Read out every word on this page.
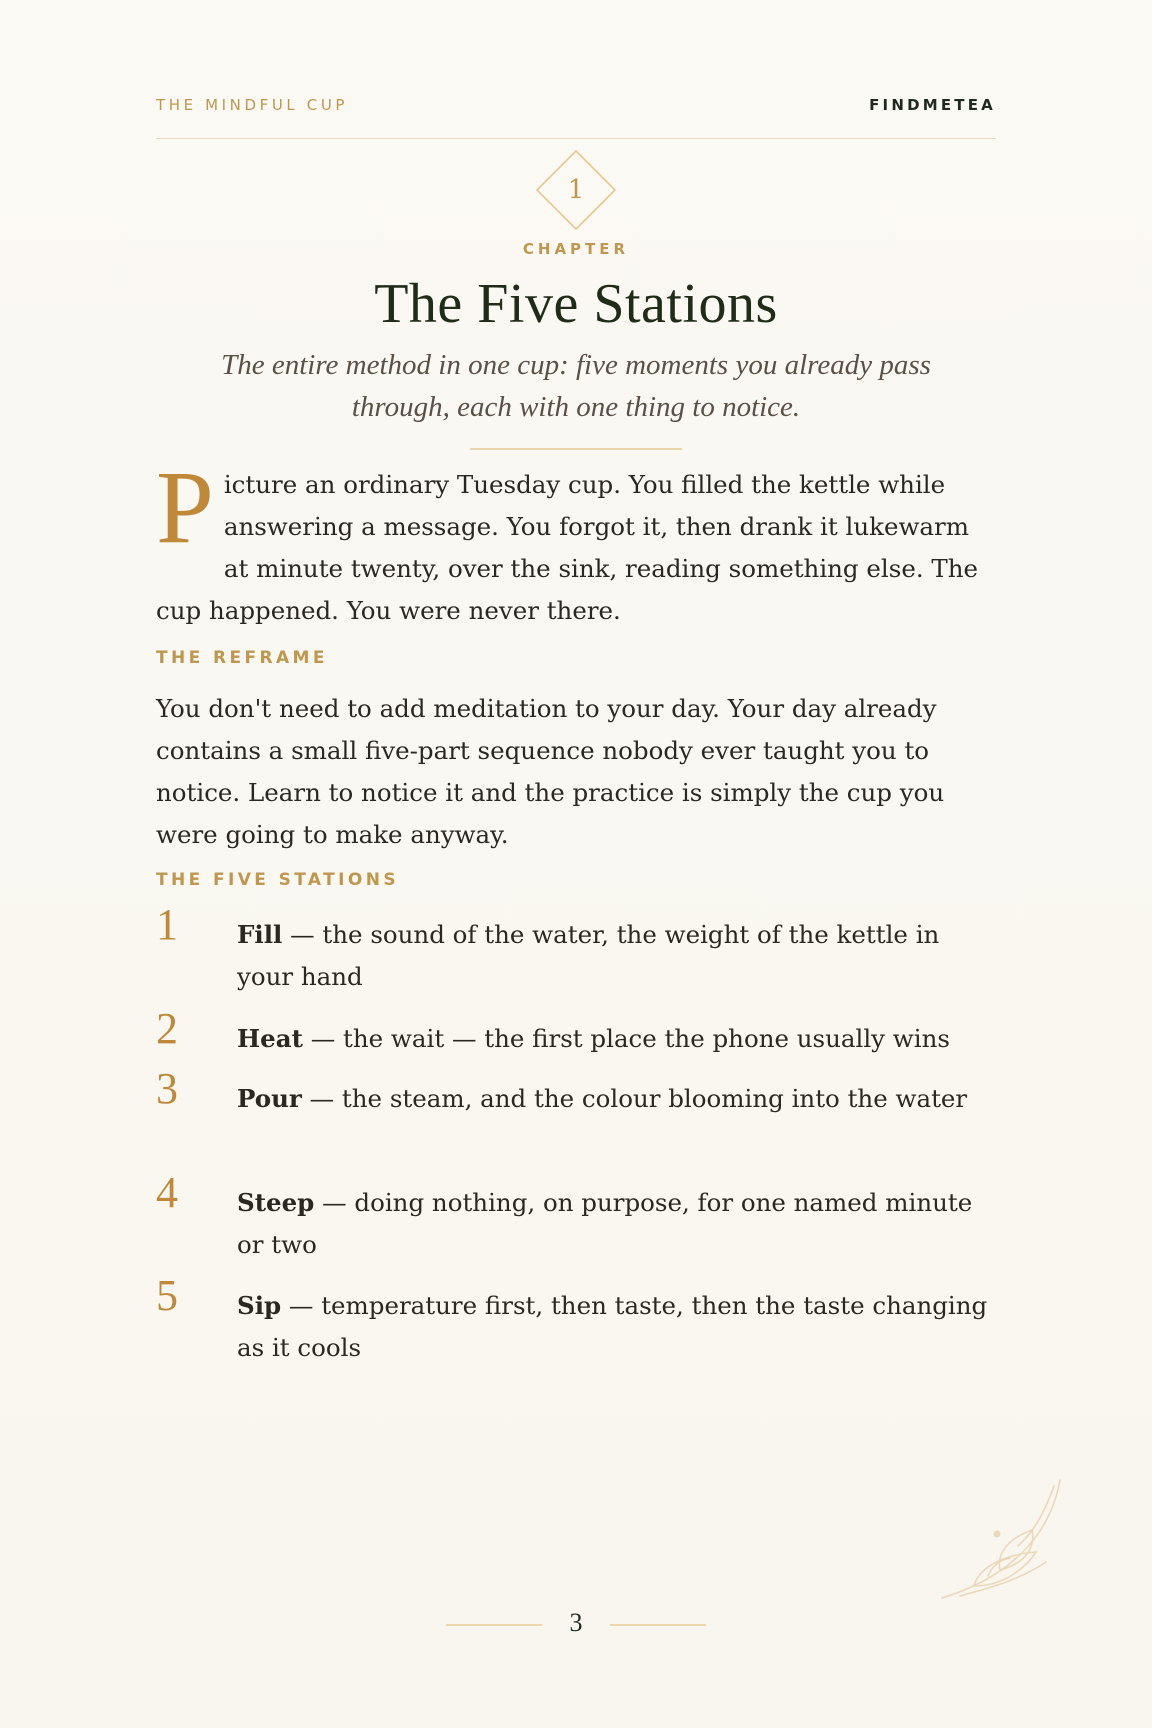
THE MINDFUL CUP	FINDMETEA
1
CHAPTER
The Five Stations
The entire method in one cup: five moments you already pass through, each with one thing to notice.
Picture an ordinary Tuesday cup. You filled the kettle while answering a message. You forgot it, then drank it lukewarm at minute twenty, over the sink, reading something else. The cup happened. You were never there.
THE REFRAME
You don't need to add meditation to your day. Your day already contains a small five-part sequence nobody ever taught you to notice. Learn to notice it and the practice is simply the cup you were going to make anyway.
THE FIVE STATIONS
1 Fill — the sound of the water, the weight of the kettle in your hand
2 Heat — the wait — the first place the phone usually wins
3 Pour — the steam, and the colour blooming into the water
4 Steep — doing nothing, on purpose, for one named minute or two
5 Sip — temperature first, then taste, then the taste changing as it cools
3
